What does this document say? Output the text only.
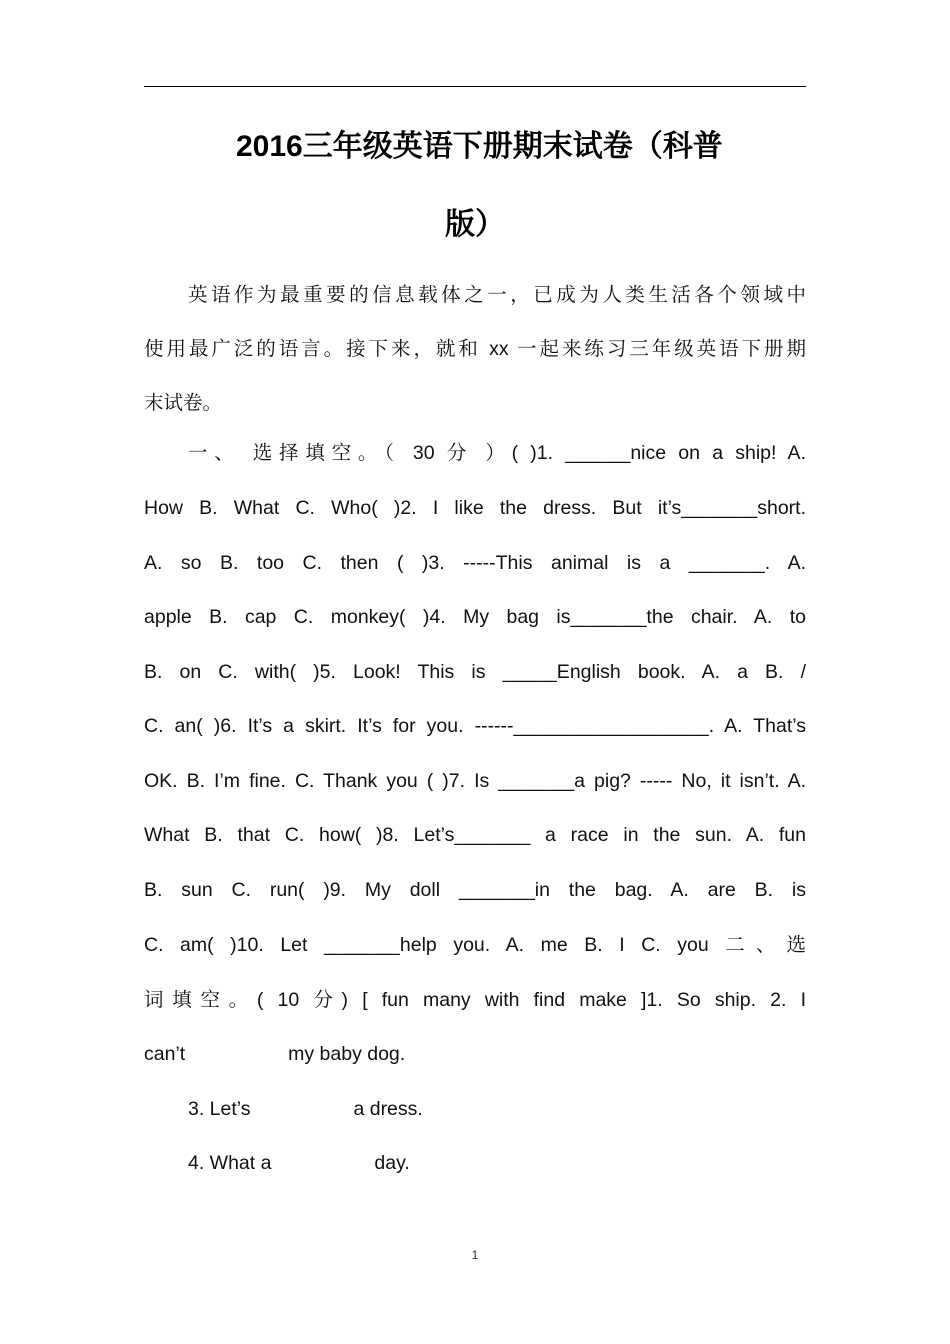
2016三年级英语下册期末试卷（科普
版）
英语作为最重要的信息载体之一，已成为人类生活各个领域中
使用最广泛的语言。接下来，就和 xx 一起来练习三年级英语下册期
末试卷。
一、 选择填空。（ 30 分 ）( )1. ______nice on a ship! A.
How B. What C. Who( )2. I like the dress. But it’s_______short.
A. so B. too C. then ( )3. -----This animal is a _______. A.
apple B. cap C. monkey( )4. My bag is_______the chair. A. to
B. on C. with( )5. Look! This is _____English book. A. a B. /
C. an( )6. It’s a skirt. It’s for you. ------__________________. A. That’s
OK. B. I’m fine. C. Thank you ( )7. Is _______a pig? ----- No, it isn’t. A.
What B. that C. how( )8. Let’s_______ a race in the sun. A. fun
B. sun C. run( )9. My doll _______in the bag. A. are B. is
C. am( )10. Let _______help you. A. me B. I C. you 二、选
词填空。( 10 分) [ fun many with find make ]1. So ship. 2. I
can’t                   my baby dog.
3. Let’s                   a dress.
4. What a                   day.
1
